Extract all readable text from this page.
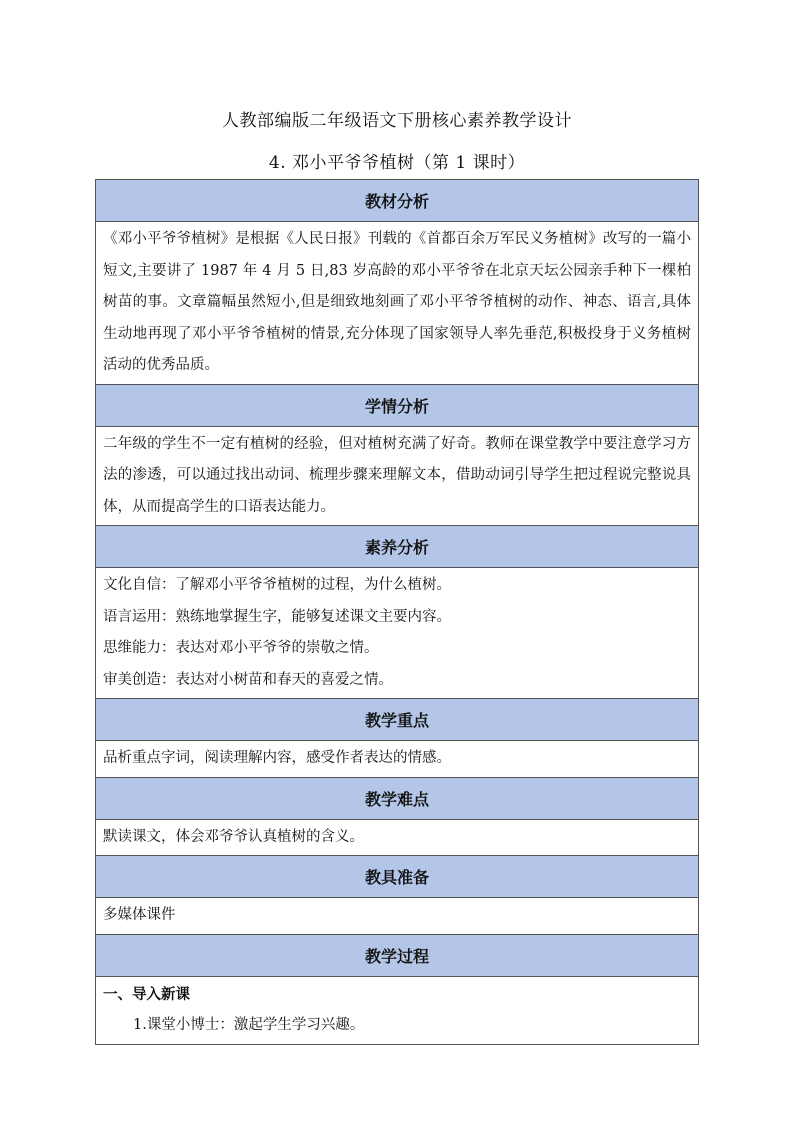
人教部编版二年级语文下册核心素养教学设计
4. 邓小平爷爷植树（第 1 课时）
教材分析
《邓小平爷爷植树》是根据《人民日报》刊载的《首都百余万军民义务植树》改写的一篇小短文,主要讲了 1987 年 4 月 5 日,83 岁高龄的邓小平爷爷在北京天坛公园亲手种下一棵柏树苗的事。文章篇幅虽然短小,但是细致地刻画了邓小平爷爷植树的动作、神态、语言,具体生动地再现了邓小平爷爷植树的情景,充分体现了国家领导人率先垂范,积极投身于义务植树活动的优秀品质。
学情分析
二年级的学生不一定有植树的经验，但对植树充满了好奇。教师在课堂教学中要注意学习方法的渗透，可以通过找出动词、梳理步骤来理解文本，借助动词引导学生把过程说完整说具体，从而提高学生的口语表达能力。
素养分析

文化自信：了解邓小平爷爷植树的过程，为什么植树。
语言运用：熟练地掌握生字，能够复述课文主要内容。
思维能力：表达对邓小平爷爷的崇敬之情。
审美创造：表达对小树苗和春天的喜爱之情。

教学重点
品析重点字词，阅读理解内容，感受作者表达的情感。
教学难点
默读课文，体会邓爷爷认真植树的含义。
教具准备
多媒体课件
教学过程

一、导入新课
1.课堂小博士：激起学生学习兴趣。
